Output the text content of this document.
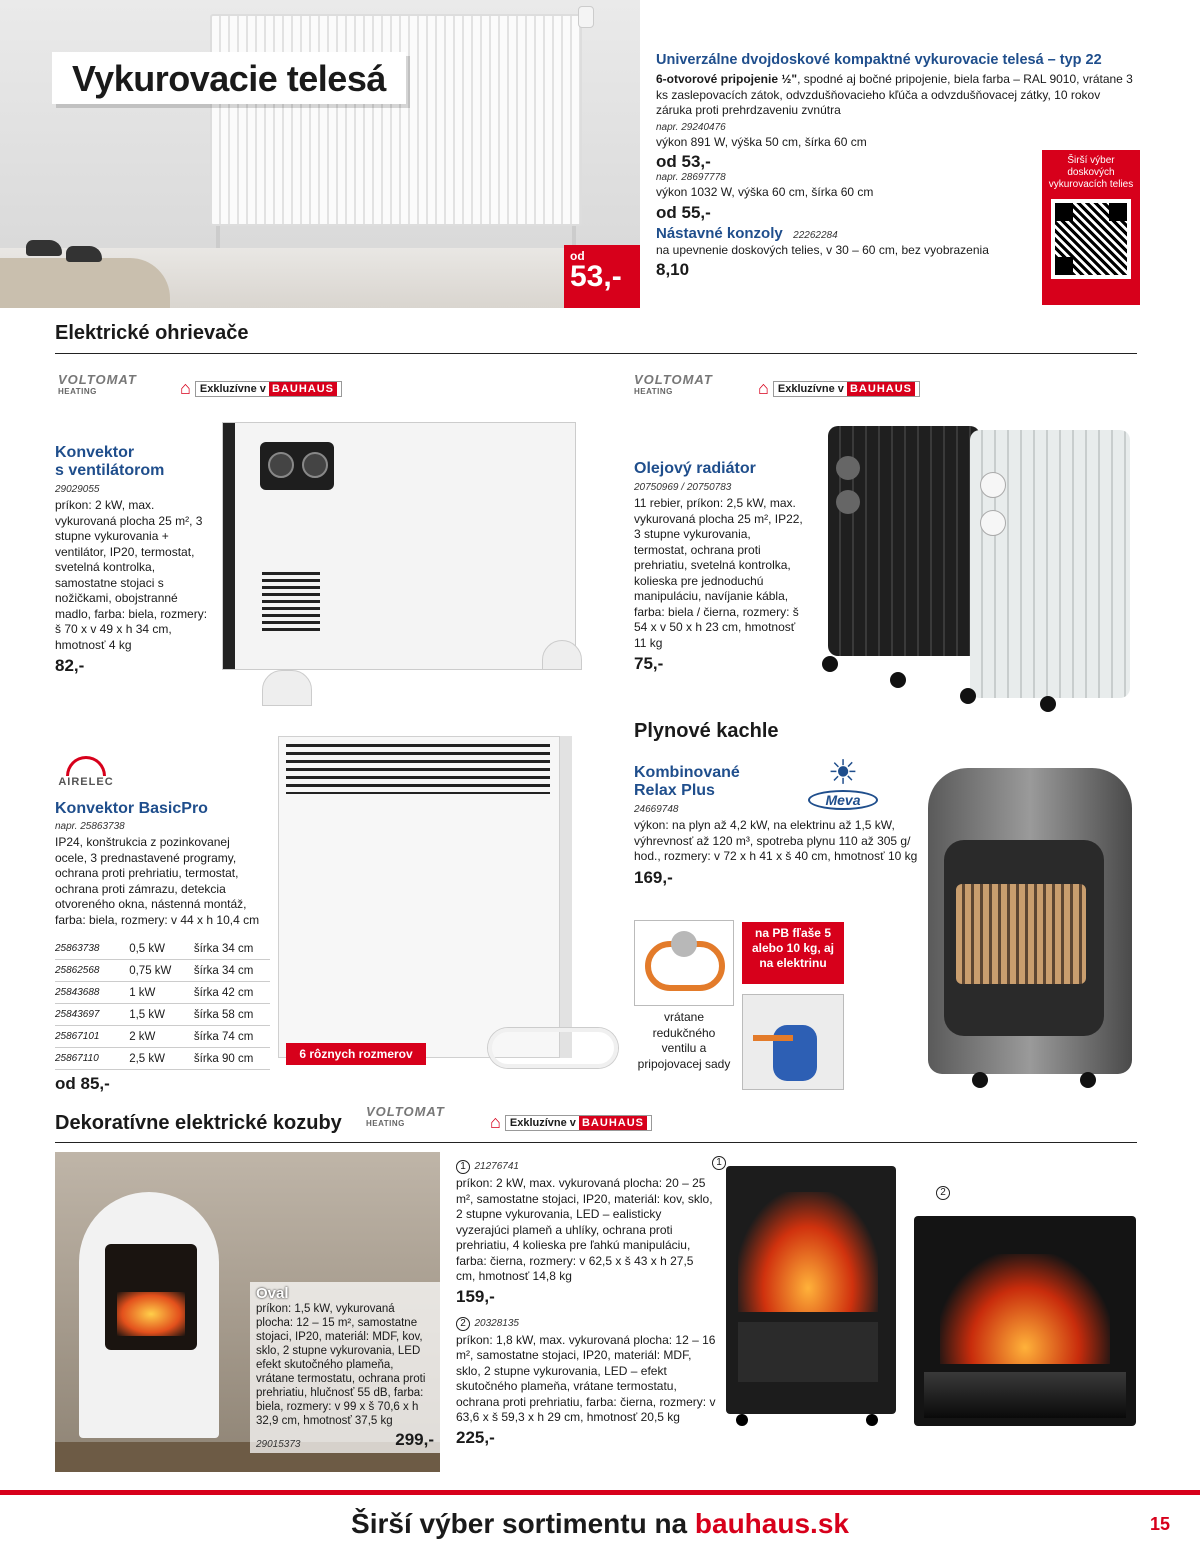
Vykurovacie telesá
od
53,-
Univerzálne dvojdoskové kompaktné vykurovacie telesá – typ 22
6-otvorové pripojenie ½", spodné aj bočné pripojenie, biela farba – RAL 9010, vrátane 3 ks zaslepovacích zátok, odvzdušňovacieho kľúča a odvzdušňovacej zátky, 10 rokov záruka proti prehrdzaveniu zvnútra
napr. 29240476
výkon 891 W, výška 50 cm, šírka 60 cm
od 53,-
napr. 28697778
výkon 1032 W, výška 60 cm, šírka 60 cm
od 55,-
Nástavné konzoly 22262284
na upevnenie doskových telies, v 30 – 60 cm, bez vyobrazenia
8,10
Širší výber doskových vykurovacích telies
Elektrické ohrievače
VOLTOMAT
HEATING	⌂ Exkluzívne v BAUHAUS
VOLTOMAT
HEATING	⌂ Exkluzívne v BAUHAUS
Konvektor
s ventilátorom
29029055
príkon: 2 kW, max. vykurovaná plocha 25 m², 3 stupne vykurovania + ventilátor, IP20, termostat, svetelná kontrolka, samostatne stojaci s nožičkami, obojstranné madlo, farba: biela, rozmery: š 70 x v 49 x h 34 cm, hmotnosť 4 kg
82,-
Olejový radiátor
20750969 / 20750783
11 rebier, príkon: 2,5 kW, max. vykurovaná plocha 25 m², IP22, 3 stupne vykurovania, termostat, ochrana proti prehriatiu, svetelná kontrolka, kolieska pre jednoduchú manipuláciu, navíjanie kábla, farba: biela / čierna, rozmery: š 54 x v 50 x h 23 cm, hmotnosť 11 kg
75,-
AIRELEC
Konvektor BasicPro
napr. 25863738
IP24, konštrukcia z pozinkovanej ocele, 3 prednastavené programy, ochrana proti prehriatiu, termostat, ochrana proti zámrazu, detekcia otvoreného okna, nástenná montáž, farba: biela, rozmery: v 44 x h 10,4 cm
25863738	0,5 kW	šírka 34 cm
25862568	0,75 kW	šírka 34 cm
25843688	1 kW	šírka 42 cm
25843697	1,5 kW	šírka 58 cm
25867101	2 kW	šírka 74 cm
25867110	2,5 kW	šírka 90 cm
od 85,-
6 rôznych rozmerov
Plynové kachle
Kombinované
Relax Plus
24669748
výkon: na plyn až 4,2 kW, na elektrinu až 1,5 kW, výhrevnosť až 120 m³, spotreba plynu 110 až 305 g/ hod., rozmery: v 72 x h 41 x š 40 cm, hmotnosť 10 kg
169,-
☀
Meva
na PB fľaše 5 alebo 10 kg, aj na elektrinu
vrátane redukčného ventilu a pripojovacej sady
Dekoratívne elektrické kozuby
VOLTOMAT
HEATING	⌂ Exkluzívne v BAUHAUS
Oval
príkon: 1,5 kW, vykurovaná plocha: 12 – 15 m², samostatne stojaci, IP20, materiál: MDF, kov, sklo, 2 stupne vykurovania, LED efekt skutočného plameňa, vrátane termostatu, ochrana proti prehriatiu, hlučnosť 55 dB, farba: biela, rozmery: v 99 x š 70,6 x h 32,9 cm, hmotnosť 37,5 kg
29015373	299,-
1 21276741
príkon: 2 kW, max. vykurovaná plocha: 20 – 25 m², samostatne stojaci, IP20, materiál: kov, sklo, 2 stupne vykurovania, LED – ealisticky vyzerajúci plameň a uhlíky, ochrana proti prehriatiu, 4 kolieska pre ľahkú manipuláciu, farba: čierna, rozmery: v 62,5 x š 43 x h 27,5 cm, hmotnosť 14,8 kg
159,-
2 20328135
príkon: 1,8 kW, max. vykurovaná plocha: 12 – 16 m², samostatne stojaci, IP20, materiál: MDF, sklo, 2 stupne vykurovania, LED – efekt skutočného plameňa, vrátane termostatu, ochrana proti prehriatiu, farba: čierna, rozmery: v 63,6 x š 59,3 x h 29 cm, hmotnosť 20,5 kg
225,-
1
2
Širší výber sortimentu na bauhaus.sk	15
